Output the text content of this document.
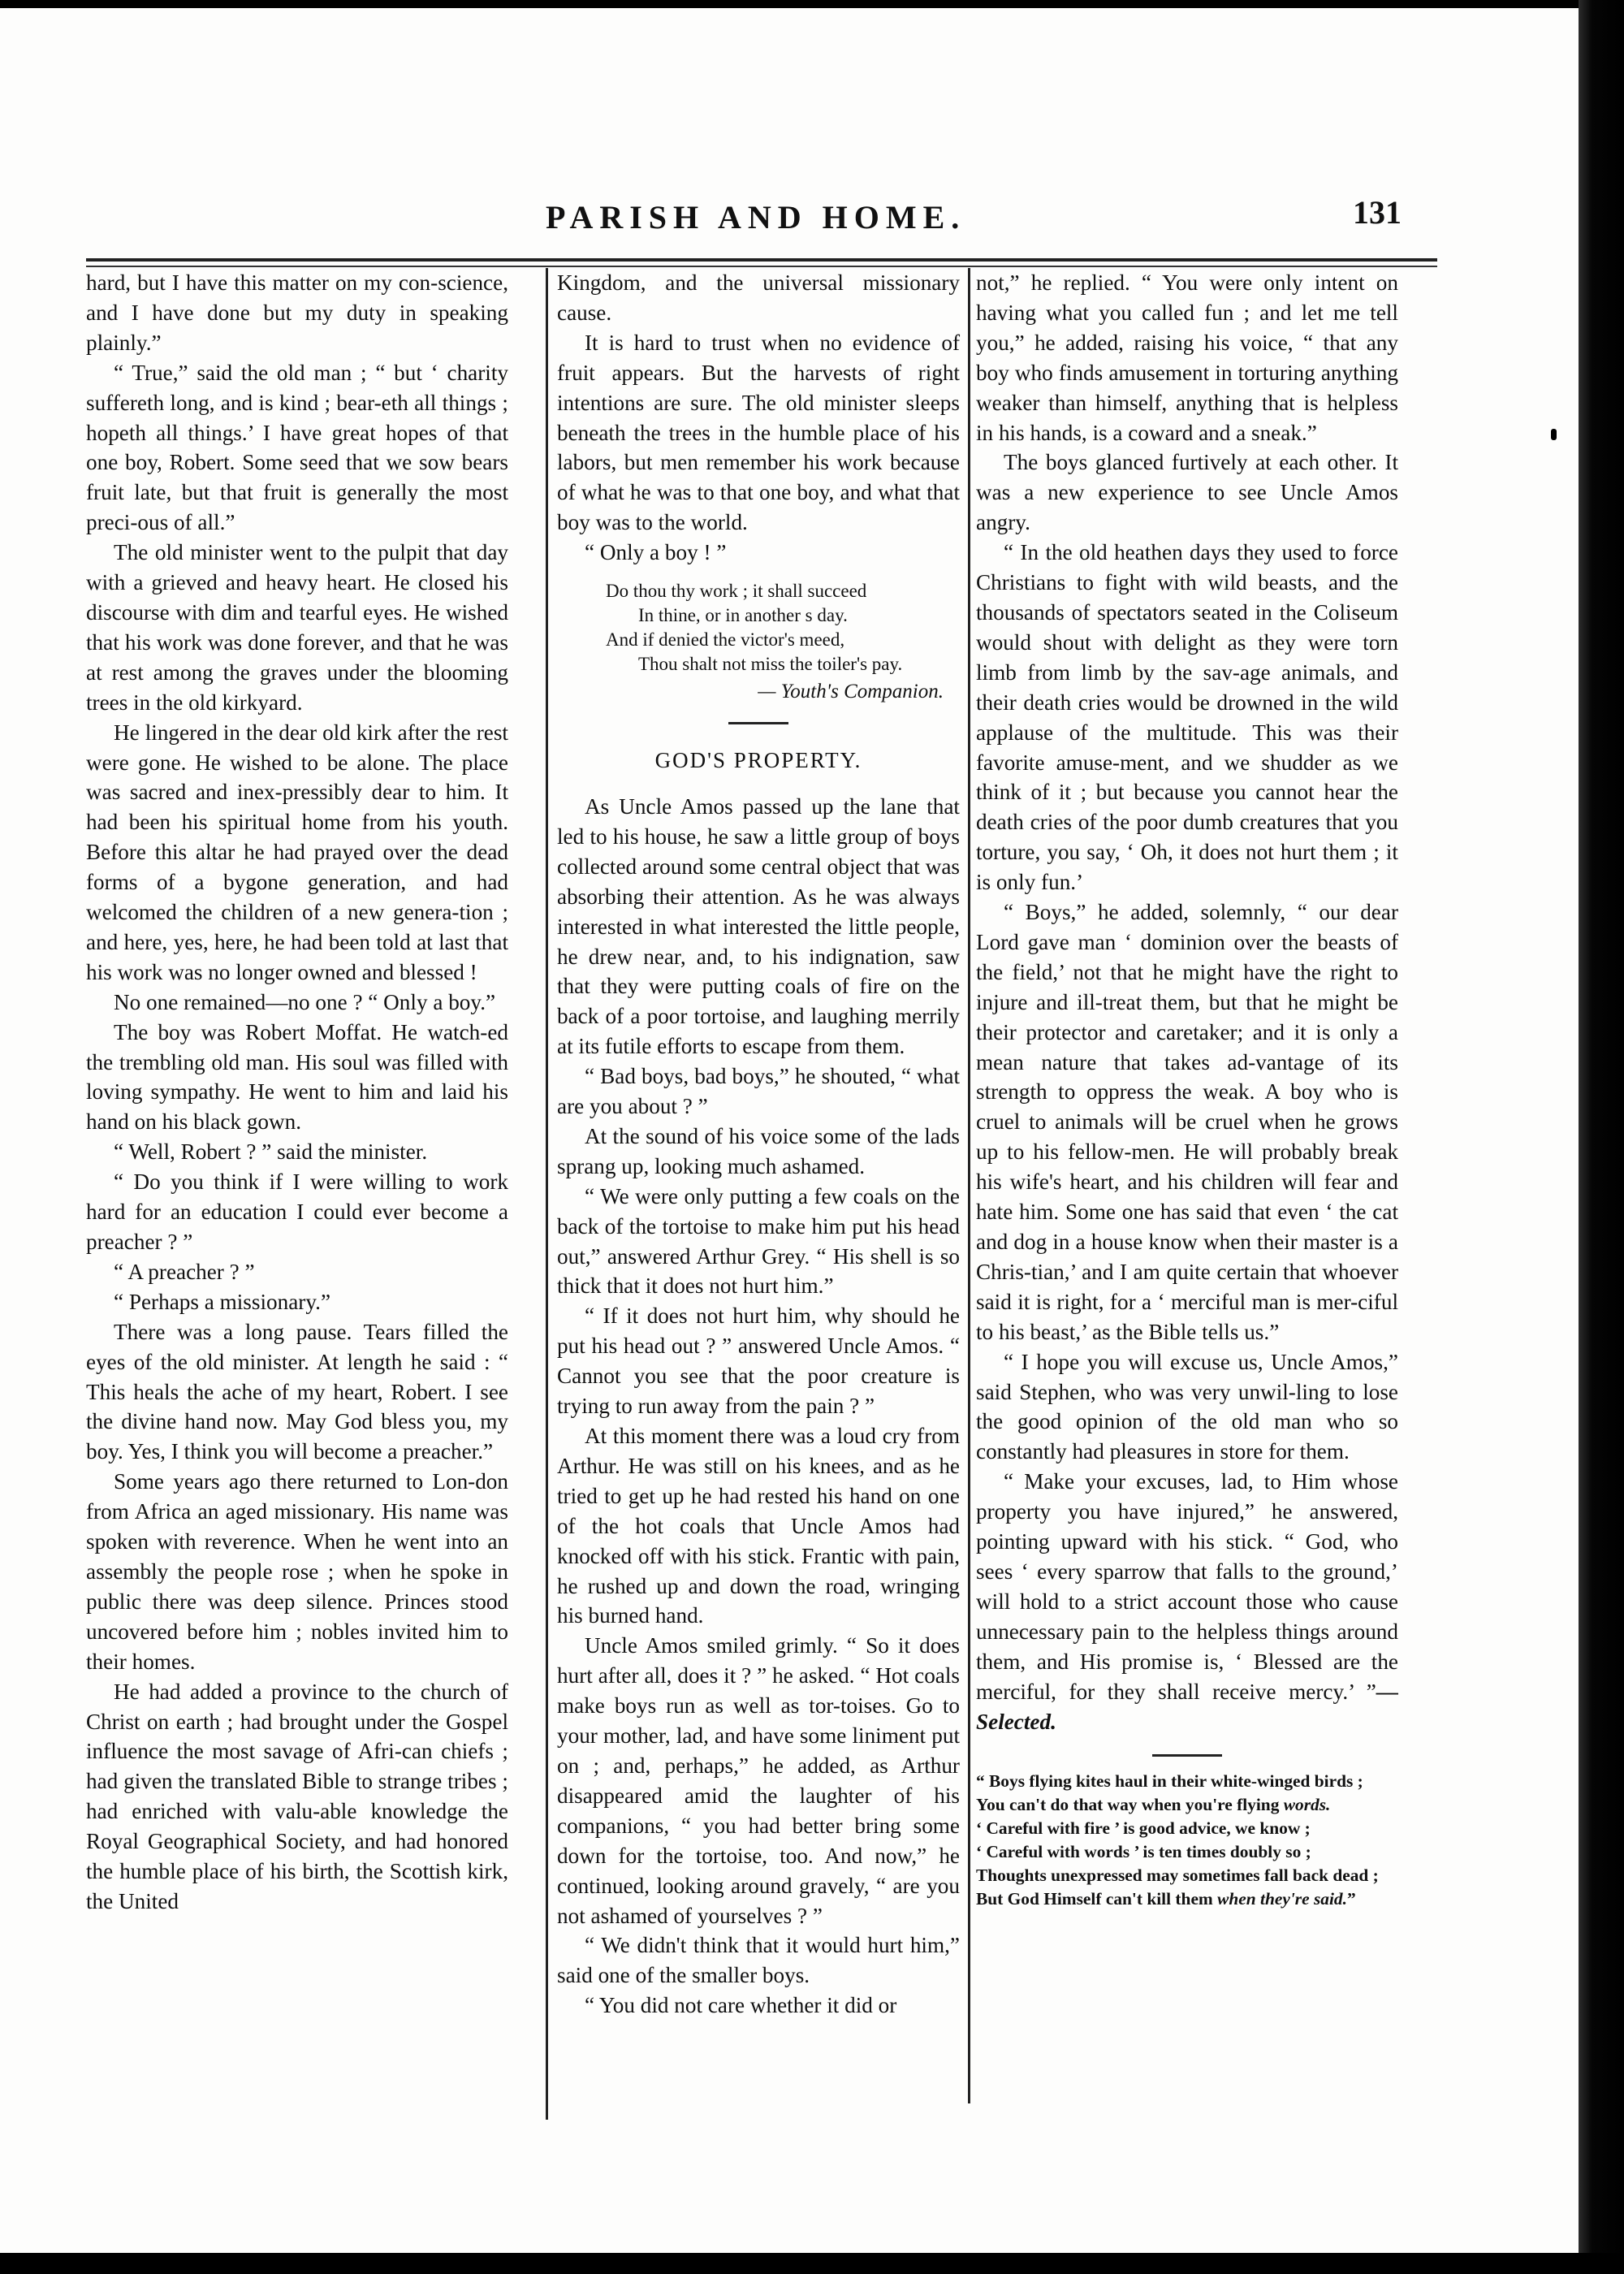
PARISH AND HOME.	131

hard, but I have this matter on my con-science, and I have done but my duty in speaking plainly.”

“ True,” said the old man ; “ but ‘ charity suffereth long, and is kind ; bear-eth all things ; hopeth all things.’ I have great hopes of that one boy, Robert. Some seed that we sow bears fruit late, but that fruit is generally the most preci-ous of all.”

The old minister went to the pulpit that day with a grieved and heavy heart. He closed his discourse with dim and tearful eyes. He wished that his work was done forever, and that he was at rest among the graves under the blooming trees in the old kirkyard.

He lingered in the dear old kirk after the rest were gone. He wished to be alone. The place was sacred and inex-pressibly dear to him. It had been his spiritual home from his youth. Before this altar he had prayed over the dead forms of a bygone generation, and had welcomed the children of a new genera-tion ; and here, yes, here, he had been told at last that his work was no longer owned and blessed !

No one remained—no one ? “ Only a boy.”

The boy was Robert Moffat. He watch-ed the trembling old man. His soul was filled with loving sympathy. He went to him and laid his hand on his black gown.

“ Well, Robert ? ” said the minister.

“ Do you think if I were willing to work hard for an education I could ever become a preacher ? ”

“ A preacher ? ”

“ Perhaps a missionary.”

There was a long pause. Tears filled the eyes of the old minister. At length he said : “ This heals the ache of my heart, Robert. I see the divine hand now. May God bless you, my boy. Yes, I think you will become a preacher.”

Some years ago there returned to Lon-don from Africa an aged missionary. His name was spoken with reverence. When he went into an assembly the people rose ; when he spoke in public there was deep silence. Princes stood uncovered before him ; nobles invited him to their homes.

He had added a province to the church of Christ on earth ; had brought under the Gospel influence the most savage of Afri-can chiefs ; had given the translated Bible to strange tribes ; had enriched with valu-able knowledge the Royal Geographical Society, and had honored the humble place of his birth, the Scottish kirk, the United

Kingdom, and the universal missionary cause.

It is hard to trust when no evidence of fruit appears. But the harvests of right intentions are sure. The old minister sleeps beneath the trees in the humble place of his labors, but men remember his work because of what he was to that one boy, and what that boy was to the world.

“ Only a boy ! ”

Do thou thy work ; it shall succeed

In thine, or in another s day.

And if denied the victor's meed,

Thou shalt not miss the toiler's pay.

— Youth's Companion.
GOD'S PROPERTY.

As Uncle Amos passed up the lane that led to his house, he saw a little group of boys collected around some central object that was absorbing their attention. As he was always interested in what interested the little people, he drew near, and, to his indignation, saw that they were putting coals of fire on the back of a poor tortoise, and laughing merrily at its futile efforts to escape from them.

“ Bad boys, bad boys,” he shouted, “ what are you about ? ”

At the sound of his voice some of the lads sprang up, looking much ashamed.

“ We were only putting a few coals on the back of the tortoise to make him put his head out,” answered Arthur Grey. “ His shell is so thick that it does not hurt him.”

“ If it does not hurt him, why should he put his head out ? ” answered Uncle Amos. “ Cannot you see that the poor creature is trying to run away from the pain ? ”

At this moment there was a loud cry from Arthur. He was still on his knees, and as he tried to get up he had rested his hand on one of the hot coals that Uncle Amos had knocked off with his stick. Frantic with pain, he rushed up and down the road, wringing his burned hand.

Uncle Amos smiled grimly. “ So it does hurt after all, does it ? ” he asked. “ Hot coals make boys run as well as tor-toises. Go to your mother, lad, and have some liniment put on ; and, perhaps,” he added, as Arthur disappeared amid the laughter of his companions, “ you had better bring some down for the tortoise, too. And now,” he continued, looking around gravely, “ are you not ashamed of yourselves ? ”

“ We didn't think that it would hurt him,” said one of the smaller boys.

“ You did not care whether it did or

not,” he replied. “ You were only intent on having what you called fun ; and let me tell you,” he added, raising his voice, “ that any boy who finds amusement in torturing anything weaker than himself, anything that is helpless in his hands, is a coward and a sneak.”

The boys glanced furtively at each other. It was a new experience to see Uncle Amos angry.

“ In the old heathen days they used to force Christians to fight with wild beasts, and the thousands of spectators seated in the Coliseum would shout with delight as they were torn limb from limb by the sav-age animals, and their death cries would be drowned in the wild applause of the multitude. This was their favorite amuse-ment, and we shudder as we think of it ; but because you cannot hear the death cries of the poor dumb creatures that you torture, you say, ‘ Oh, it does not hurt them ; it is only fun.’

“ Boys,” he added, solemnly, “ our dear Lord gave man ‘ dominion over the beasts of the field,’ not that he might have the right to injure and ill-treat them, but that he might be their protector and caretaker; and it is only a mean nature that takes ad-vantage of its strength to oppress the weak. A boy who is cruel to animals will be cruel when he grows up to his fellow-men. He will probably break his wife's heart, and his children will fear and hate him. Some one has said that even ‘ the cat and dog in a house know when their master is a Chris-tian,’ and I am quite certain that whoever said it is right, for a ‘ merciful man is mer-ciful to his beast,’ as the Bible tells us.”

“ I hope you will excuse us, Uncle Amos,” said Stephen, who was very unwil-ling to lose the good opinion of the old man who so constantly had pleasures in store for them.

“ Make your excuses, lad, to Him whose property you have injured,” he answered, pointing upward with his stick. “ God, who sees ‘ every sparrow that falls to the ground,’ will hold to a strict account those who cause unnecessary pain to the helpless things around them, and His promise is, ‘ Blessed are the merciful, for they shall receive mercy.’ ”—Selected.

“ Boys flying kites haul in their white-winged birds ;

You can't do that way when you're flying words.

‘ Careful with fire ’ is good advice, we know ;

‘ Careful with words ’ is ten times doubly so ;

Thoughts unexpressed may sometimes fall back dead ;

But God Himself can't kill them when they're said.”
